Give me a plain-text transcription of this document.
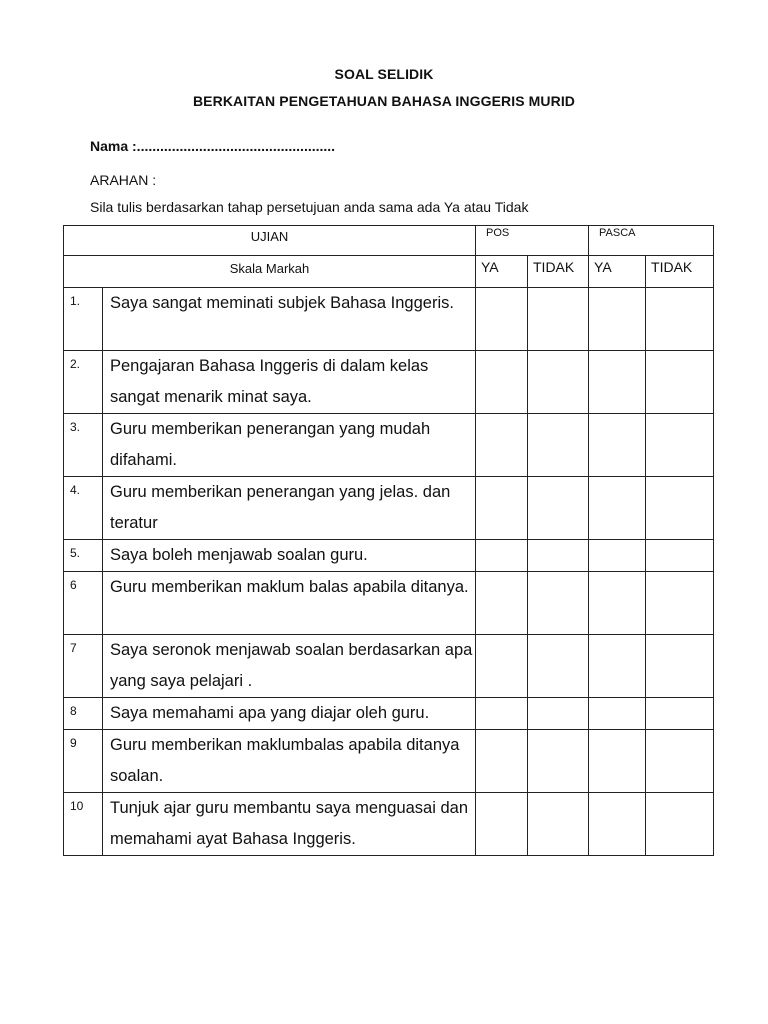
SOAL SELIDIK
BERKAITAN PENGETAHUAN BAHASA INGGERIS MURID
Nama :...................................................
ARAHAN :
Sila tulis berdasarkan tahap persetujuan anda sama ada Ya atau Tidak
UJIAN		POS		PASCA	
Skala Markah		YA	TIDAK	YA	TIDAK
1.	Saya sangat meminati subjek Bahasa Inggeris.				
2.	Pengajaran Bahasa Inggeris di dalam kelas sangat menarik minat saya.				
3.	Guru memberikan penerangan yang mudah difahami.				
4.	Guru memberikan penerangan yang jelas. dan teratur				
5.	Saya boleh menjawab soalan guru.				
6	Guru memberikan maklum balas apabila ditanya.				
7	Saya seronok menjawab soalan berdasarkan apa yang saya pelajari .				
8	Saya memahami apa yang diajar oleh guru.				
9	Guru memberikan maklumbalas apabila ditanya soalan.				
10	Tunjuk ajar guru membantu saya menguasai dan memahami ayat Bahasa Inggeris.				
